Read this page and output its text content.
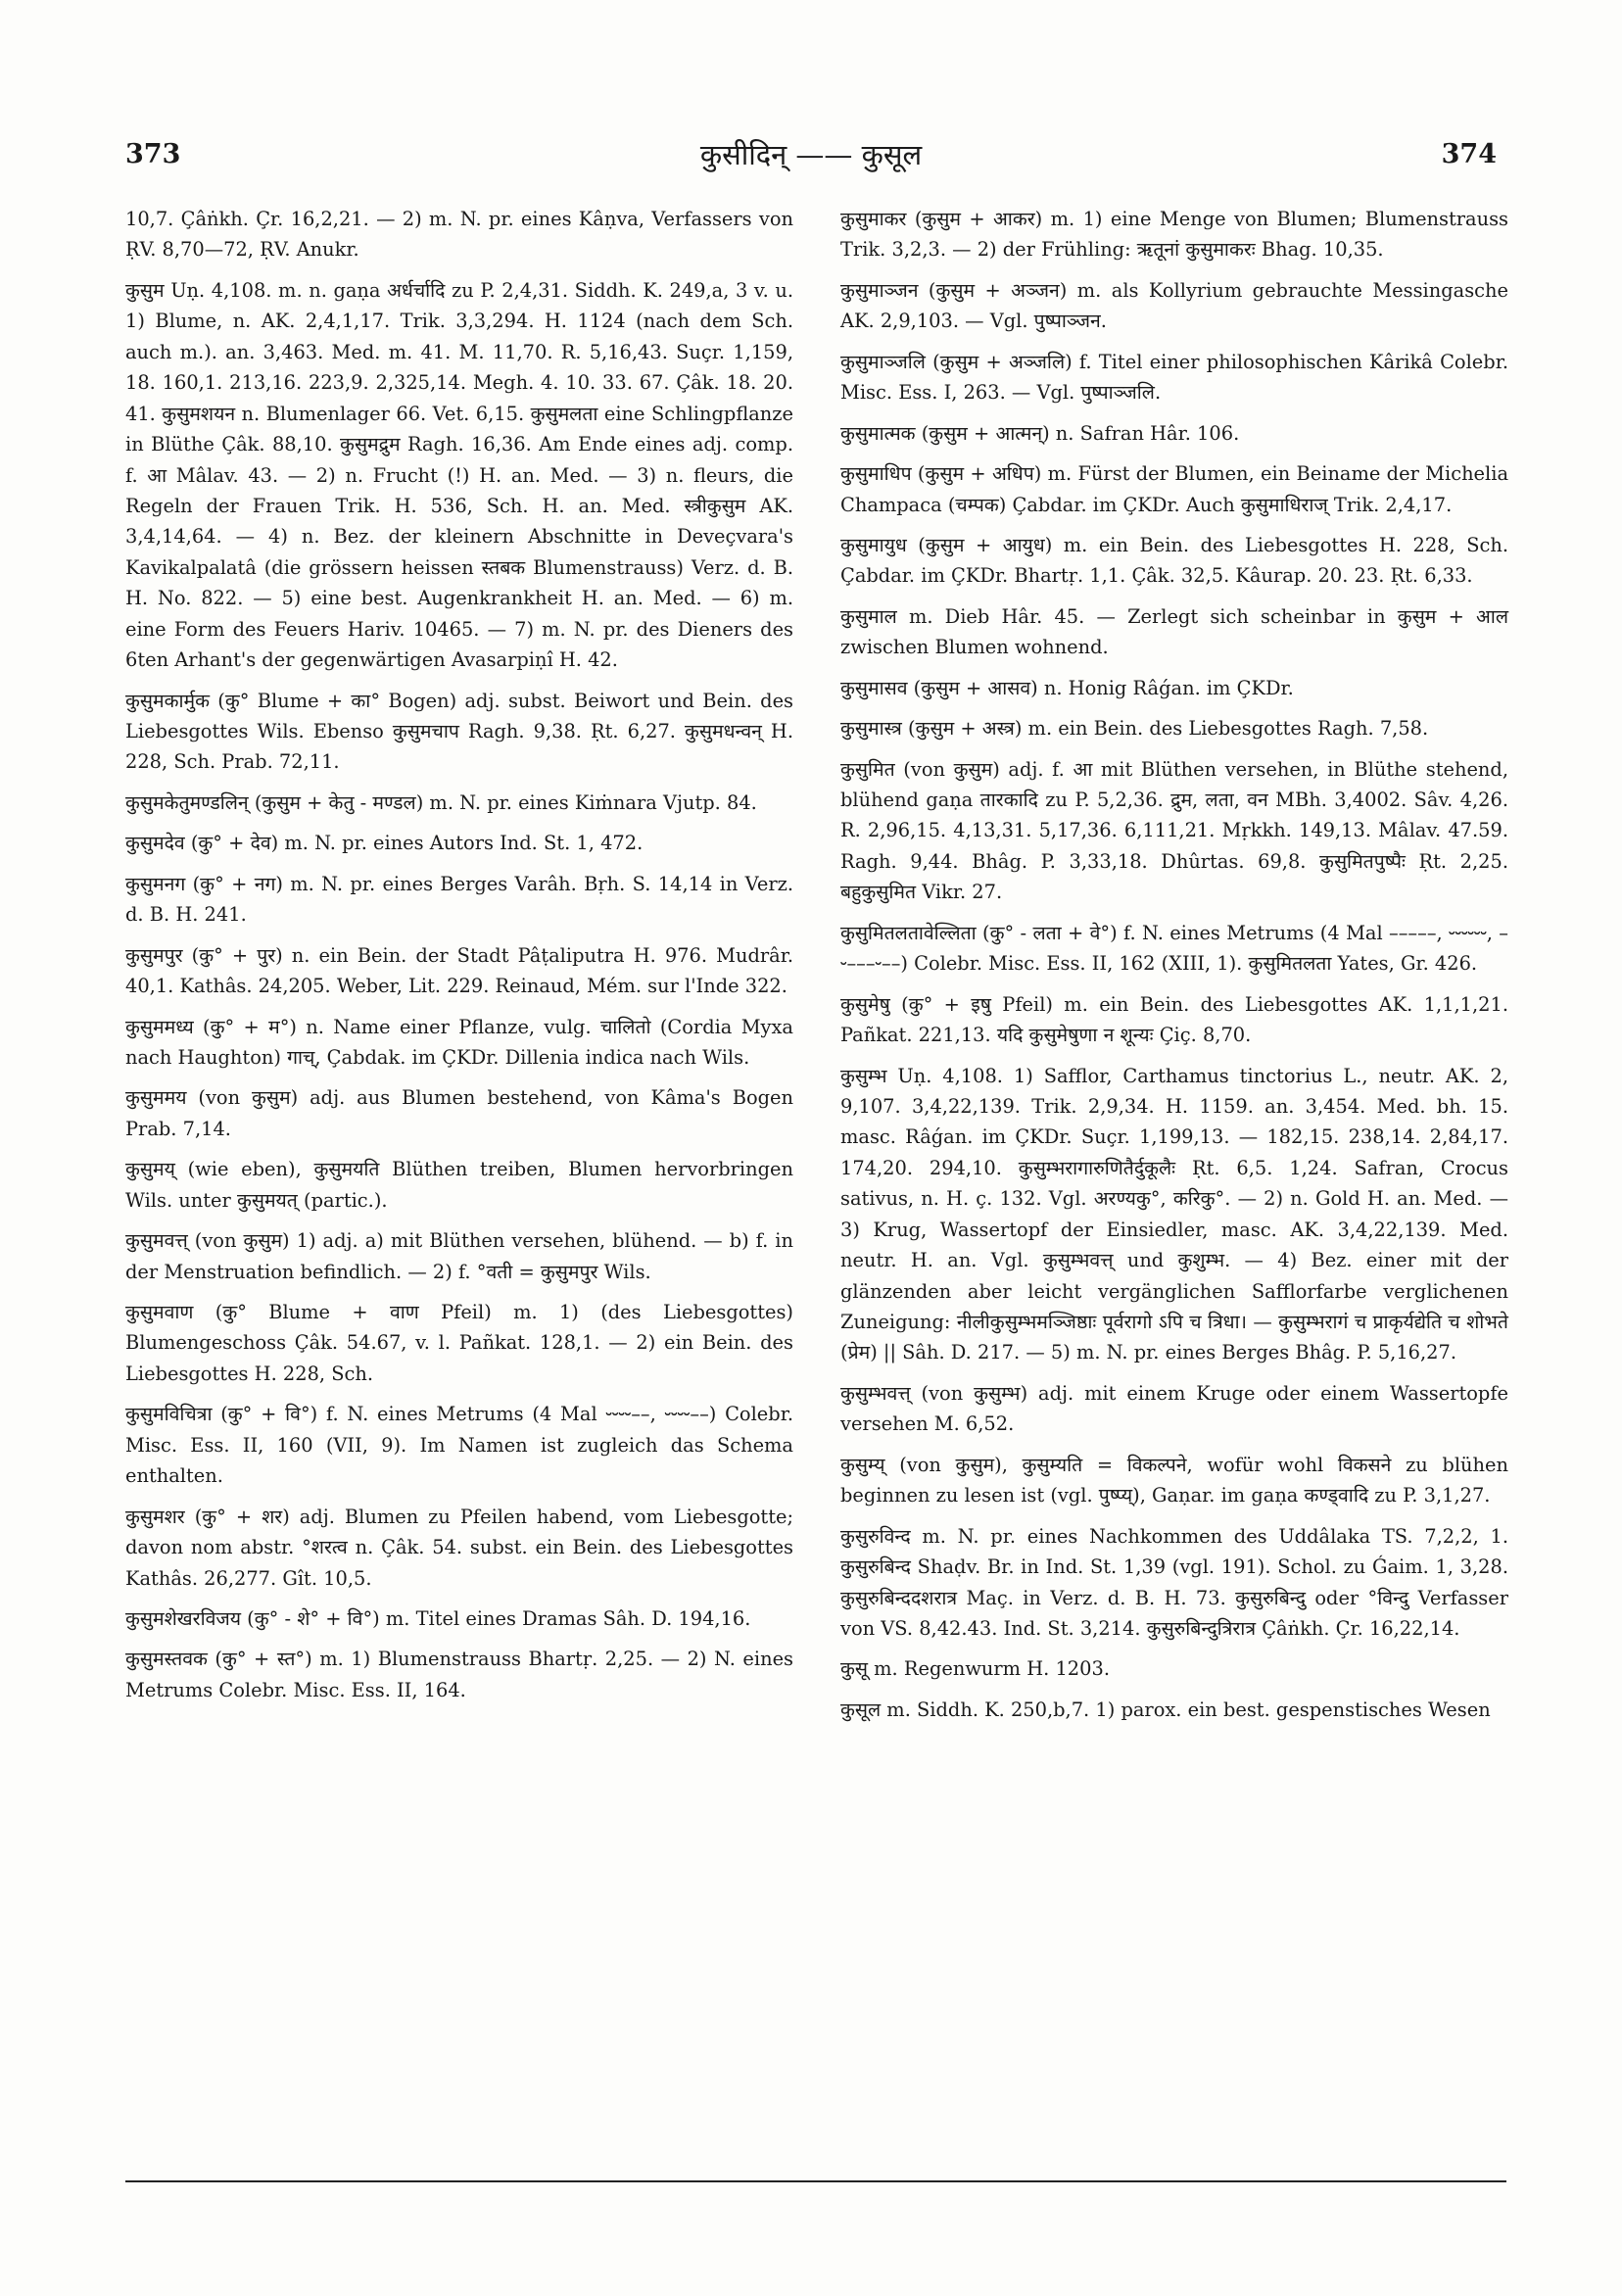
373	कुसीदिन् —— कुसूल	374

10,7. Çâṅkh. Çr. 16,2,21. — 2) m. N. pr. eines Kâṇva, Verfassers von ṚV. 8,70—72, ṚV. Anukr.

कुसुम Uṇ. 4,108. m. n. gaṇa अर्धर्चादि zu P. 2,4,31. Siddh. K. 249,a, 3 v. u. 1) Blume, n. AK. 2,4,1,17. Trik. 3,3,294. H. 1124 (nach dem Sch. auch m.). an. 3,463. Med. m. 41. M. 11,70. R. 5,16,43. Suçr. 1,159, 18. 160,1. 213,16. 223,9. 2,325,14. Megh. 4. 10. 33. 67. Çâk. 18. 20. 41. कुसुमशयन n. Blumenlager 66. Vet. 6,15. कुसुमलता eine Schlingpflanze in Blüthe Çâk. 88,10. कुसुमद्रुम Ragh. 16,36. Am Ende eines adj. comp. f. आ Mâlav. 43. — 2) n. Frucht (!) H. an. Med. — 3) n. fleurs, die Regeln der Frauen Trik. H. 536, Sch. H. an. Med. स्त्रीकुसुम AK. 3,4,14,64. — 4) n. Bez. der kleinern Abschnitte in Deveçvara's Kavikalpalatâ (die grössern heissen स्तबक Blumenstrauss) Verz. d. B. H. No. 822. — 5) eine best. Augenkrankheit H. an. Med. — 6) m. eine Form des Feuers Hariv. 10465. — 7) m. N. pr. des Dieners des 6ten Arhant's der gegenwärtigen Avasarpiṇî H. 42.

कुसुमकार्मुक (कु° Blume + का° Bogen) adj. subst. Beiwort und Bein. des Liebesgottes Wils. Ebenso कुसुमचाप Ragh. 9,38. Ṛt. 6,27. कुसुमधन्वन् H. 228, Sch. Prab. 72,11.

कुसुमकेतुमण्डलिन् (कुसुम + केतु - मण्डल) m. N. pr. eines Kiṁnara Vjutp. 84.

कुसुमदेव (कु° + देव) m. N. pr. eines Autors Ind. St. 1, 472.

कुसुमनग (कु° + नग) m. N. pr. eines Berges Varâh. Bṛh. S. 14,14 in Verz. d. B. H. 241.

कुसुमपुर (कु° + पुर) n. ein Bein. der Stadt Pâṭaliputra H. 976. Mudrâr. 40,1. Kathâs. 24,205. Weber, Lit. 229. Reinaud, Mém. sur l'Inde 322.

कुसुममध्य (कु° + म°) n. Name einer Pflanze, vulg. चालितो (Cordia Myxa nach Haughton) गाच्, Çabdak. im ÇKDr. Dillenia indica nach Wils.

कुसुममय (von कुसुम) adj. aus Blumen bestehend, von Kâma's Bogen Prab. 7,14.

कुसुमय् (wie eben), कुसुमयति Blüthen treiben, Blumen hervorbringen Wils. unter कुसुमयत् (partic.).

कुसुमवत्त् (von कुसुम) 1) adj. a) mit Blüthen versehen, blühend. — b) f. in der Menstruation befindlich. — 2) f. °वती = कुसुमपुर Wils.

कुसुमवाण (कु° Blume + वाण Pfeil) m. 1) (des Liebesgottes) Blumengeschoss Çâk. 54.67, v. l. Pañkat. 128,1. — 2) ein Bein. des Liebesgottes H. 228, Sch.

कुसुमविचित्रा (कु° + वि°) f. N. eines Metrums (4 Mal ⏑⏑⏑⏑––, ⏑⏑⏑⏑––) Colebr. Misc. Ess. II, 160 (VII, 9). Im Namen ist zugleich das Schema enthalten.

कुसुमशर (कु° + शर) adj. Blumen zu Pfeilen habend, vom Liebesgotte; davon nom abstr. °शरत्व n. Çâk. 54. subst. ein Bein. des Liebesgottes Kathâs. 26,277. Gît. 10,5.

कुसुमशेखरविजय (कु° - शे° + वि°) m. Titel eines Dramas Sâh. D. 194,16.

कुसुमस्तवक (कु° + स्त°) m. 1) Blumenstrauss Bhartṛ. 2,25. — 2) N. eines Metrums Colebr. Misc. Ess. II, 164.

कुसुमाकर (कुसुम + आकर) m. 1) eine Menge von Blumen; Blumenstrauss Trik. 3,2,3. — 2) der Frühling: ऋतूनां कुसुमाकरः Bhag. 10,35.

कुसुमाञ्जन (कुसुम + अञ्जन) m. als Kollyrium gebrauchte Messingasche AK. 2,9,103. — Vgl. पुष्पाञ्जन.

कुसुमाञ्जलि (कुसुम + अञ्जलि) f. Titel einer philosophischen Kârikâ Colebr. Misc. Ess. I, 263. — Vgl. पुष्पाञ्जलि.

कुसुमात्मक (कुसुम + आत्मन्) n. Safran Hâr. 106.

कुसुमाधिप (कुसुम + अधिप) m. Fürst der Blumen, ein Beiname der Michelia Champaca (चम्पक) Çabdar. im ÇKDr. Auch कुसुमाधिराज् Trik. 2,4,17.

कुसुमायुध (कुसुम + आयुध) m. ein Bein. des Liebesgottes H. 228, Sch. Çabdar. im ÇKDr. Bhartṛ. 1,1. Çâk. 32,5. Kâurap. 20. 23. Ṛt. 6,33.

कुसुमाल m. Dieb Hâr. 45. — Zerlegt sich scheinbar in कुसुम + आल zwischen Blumen wohnend.

कुसुमासव (कुसुम + आसव) n. Honig Râǵan. im ÇKDr.

कुसुमास्त्र (कुसुम + अस्त्र) m. ein Bein. des Liebesgottes Ragh. 7,58.

कुसुमित (von कुसुम) adj. f. आ mit Blüthen versehen, in Blüthe stehend, blühend gaṇa तारकादि zu P. 5,2,36. द्रुम, लता, वन MBh. 3,4002. Sâv. 4,26. R. 2,96,15. 4,13,31. 5,17,36. 6,111,21. Mṛkkh. 149,13. Mâlav. 47.59. Ragh. 9,44. Bhâg. P. 3,33,18. Dhûrtas. 69,8. कुसुमितपुष्पैः Ṛt. 2,25. बहुकुसुमित Vikr. 27.

कुसुमितलतावेल्लिता (कु° - लता + वे°) f. N. eines Metrums (4 Mal –––––, ⏑⏑⏑⏑⏑⏑, –⏑–––⏑––) Colebr. Misc. Ess. II, 162 (XIII, 1). कुसुमितलता Yates, Gr. 426.

कुसुमेषु (कु° + इषु Pfeil) m. ein Bein. des Liebesgottes AK. 1,1,1,21. Pañkat. 221,13. यदि कुसुमेषुणा न शून्यः Çiç. 8,70.

कुसुम्भ Uṇ. 4,108. 1) Safflor, Carthamus tinctorius L., neutr. AK. 2, 9,107. 3,4,22,139. Trik. 2,9,34. H. 1159. an. 3,454. Med. bh. 15. masc. Râǵan. im ÇKDr. Suçr. 1,199,13. — 182,15. 238,14. 2,84,17. 174,20. 294,10. कुसुम्भरागारुणितैर्दुकूलैः Ṛt. 6,5. 1,24. Safran, Crocus sativus, n. H. ç. 132. Vgl. अरण्यकु°, करिकु°. — 2) n. Gold H. an. Med. — 3) Krug, Wassertopf der Einsiedler, masc. AK. 3,4,22,139. Med. neutr. H. an. Vgl. कुसुम्भवत्त् und कुशुम्भ. — 4) Bez. einer mit der glänzenden aber leicht vergänglichen Safflorfarbe verglichenen Zuneigung: नीलीकुसुम्भमञ्जिष्ठाः पूर्वरागो ऽपि च त्रिधा। — कुसुम्भरागं च प्राकृर्यद्येति च शोभते (प्रेम) || Sâh. D. 217. — 5) m. N. pr. eines Berges Bhâg. P. 5,16,27.

कुसुम्भवत्त् (von कुसुम्भ) adj. mit einem Kruge oder einem Wassertopfe versehen M. 6,52.

कुसुम्य् (von कुसुम), कुसुम्यति = विकल्पने, wofür wohl विकसने zu blühen beginnen zu lesen ist (vgl. पुष्प्य्), Gaṇar. im gaṇa कण्ड्वादि zu P. 3,1,27.

कुसुरुविन्द m. N. pr. eines Nachkommen des Uddâlaka TS. 7,2,2, 1. कुसुरुबिन्द Shaḍv. Br. in Ind. St. 1,39 (vgl. 191). Schol. zu Ǵaim. 1, 3,28. कुसुरुबिन्ददशरात्र Maç. in Verz. d. B. H. 73. कुसुरुबिन्दु oder °विन्दु Verfasser von VS. 8,42.43. Ind. St. 3,214. कुसुरुबिन्दुत्रिरात्र Çâṅkh. Çr. 16,22,14.

कुसू m. Regenwurm H. 1203.

कुसूल m. Siddh. K. 250,b,7. 1) parox. ein best. gespenstisches Wesen
